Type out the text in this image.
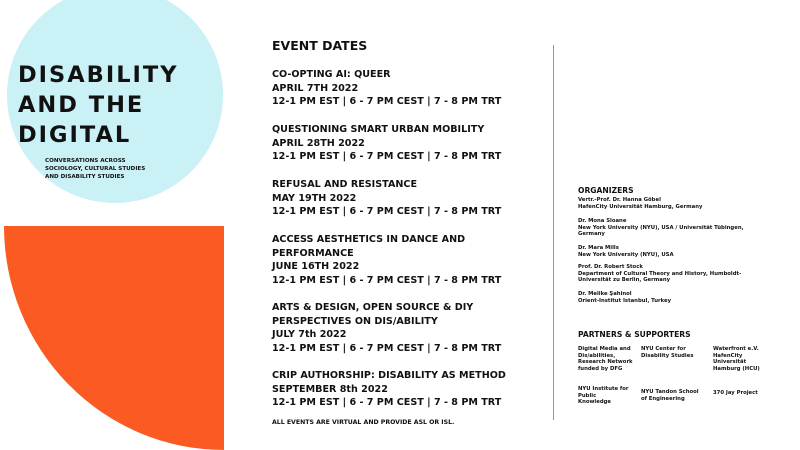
DISABILITY
AND THE
DIGITAL
CONVERSATIONS ACROSS
SOCIOLOGY, CULTURAL STUDIES
AND DISABILITY STUDIES
EVENT DATES
CO-OPTING AI: QUEER
APRIL 7TH 2022
12-1 PM EST | 6 - 7 PM CEST | 7 - 8 PM TRT
QUESTIONING SMART URBAN MOBILITY
APRIL 28TH 2022
12-1 PM EST | 6 - 7 PM CEST | 7 - 8 PM TRT
REFUSAL AND RESISTANCE
MAY 19TH 2022
12-1 PM EST | 6 - 7 PM CEST | 7 - 8 PM TRT
ACCESS AESTHETICS IN DANCE AND
PERFORMANCE
JUNE 16TH 2022
12-1 PM EST | 6 - 7 PM CEST | 7 - 8 PM TRT
ARTS & DESIGN, OPEN SOURCE & DIY
PERSPECTIVES ON DIS/ABILITY
JULY 7th 2022
12-1 PM EST | 6 - 7 PM CEST | 7 - 8 PM TRT
CRIP AUTHORSHIP: DISABILITY AS METHOD
SEPTEMBER 8th 2022
12-1 PM EST | 6 - 7 PM CEST | 7 - 8 PM TRT
ALL EVENTS ARE VIRTUAL AND PROVIDE ASL OR ISL.
ORGANIZERS
Vertr.-Prof. Dr. Hanna Göbel
HafenCity Universität Hamburg, Germany
Dr. Mona Sloane
New York University (NYU), USA / Universität Tübingen,
Germany
Dr. Mara Mills
New York University (NYU), USA
Prof. Dr. Robert Stock
Department of Cultural Theory and History, Humboldt-
Universität zu Berlin, Germany
Dr. Melike Şahinol
Orient-Institut Istanbul, Turkey
PARTNERS & SUPPORTERS
Digital Media and
Dis/abilities,
Research Network
funded by DFG
NYU Center for
Disability Studies
Waterfront e.V.
HafenCity
Universität
Hamburg (HCU)
NYU Institute for
Public
Knowledge
NYU Tandon School
of Engineering
370 Jay Project
